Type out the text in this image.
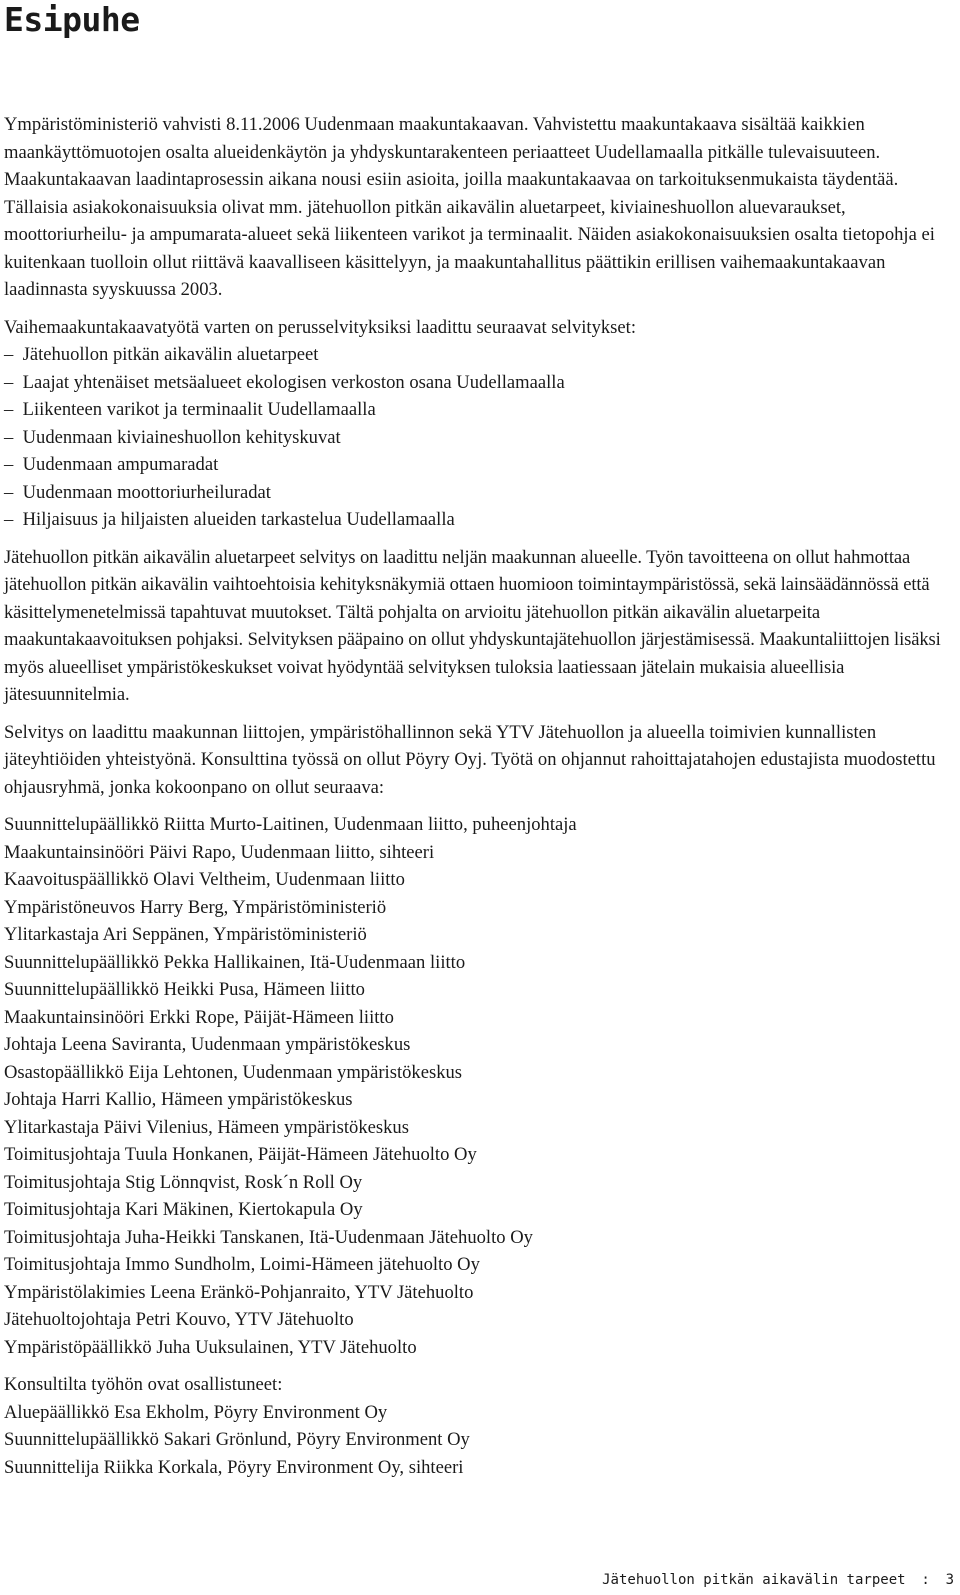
Esipuhe

Ympäristöministeriö vahvisti 8.11.2006 Uudenmaan maakuntakaavan. Vahvistettu maakuntakaava sisältää kaikkien maankäyttömuotojen osalta alueidenkäytön ja yhdyskuntarakenteen periaatteet Uudellamaalla pitkälle tulevaisuuteen. Maakuntakaavan laadintaprosessin aikana nousi esiin asioita, joilla maakuntakaavaa on tarkoituksenmukaista täydentää. Tällaisia asiakokonaisuuksia olivat mm. jätehuollon pitkän aikavälin aluetarpeet, kiviaineshuollon aluevaraukset, moottoriurheilu- ja ampumarata-alueet sekä liikenteen varikot ja terminaalit. Näiden asiakokonaisuuksien osalta tietopohja ei kuitenkaan tuolloin ollut riittävä kaavalliseen käsittelyyn, ja maakuntahallitus päättikin erillisen vaihemaakuntakaavan laadinnasta syyskuussa 2003.

Vaihemaakuntakaavatyötä varten on perusselvityksiksi laadittu seuraavat selvitykset:
–  Jätehuollon pitkän aikavälin aluetarpeet
–  Laajat yhtenäiset metsäalueet ekologisen verkoston osana Uudellamaalla
–  Liikenteen varikot ja terminaalit Uudellamaalla
–  Uudenmaan kiviaineshuollon kehityskuvat
–  Uudenmaan ampumaradat
–  Uudenmaan moottoriurheiluradat
–  Hiljaisuus ja hiljaisten alueiden tarkastelua Uudellamaalla

Jätehuollon pitkän aikavälin aluetarpeet selvitys on laadittu neljän maakunnan alueelle. Työn tavoitteena on ollut hahmottaa jätehuollon pitkän aikavälin vaihtoehtoisia kehityksnäkymiä ottaen huomioon toimintaympäristössä, sekä lainsäädännössä että käsittelymenetelmissä tapahtuvat muutokset. Tältä pohjalta on arvioitu jätehuollon pitkän aikavälin aluetarpeita maakuntakaavoituksen pohjaksi. Selvityksen pääpaino on ollut yhdyskuntajätehuollon järjestämisessä. Maakuntaliittojen lisäksi myös alueelliset ympäristökeskukset voivat hyödyntää selvityksen tuloksia laatiessaan jätelain mukaisia alueellisia jätesuunnitelmia.

Selvitys on laadittu maakunnan liittojen, ympäristöhallinnon sekä YTV Jätehuollon ja alueella toimivien kunnallisten jäteyhtiöiden yhteistyönä. Konsulttina työssä on ollut Pöyry Oyj. Työtä on ohjannut rahoittajatahojen edustajista muodostettu ohjausryhmä, jonka kokoonpano on ollut seuraava:

Suunnittelupäällikkö Riitta Murto-Laitinen, Uudenmaan liitto, puheenjohtaja
Maakuntainsinööri Päivi Rapo, Uudenmaan liitto, sihteeri
Kaavoituspäällikkö Olavi Veltheim, Uudenmaan liitto
Ympäristöneuvos Harry Berg, Ympäristöministeriö
Ylitarkastaja Ari Seppänen, Ympäristöministeriö
Suunnittelupäällikkö Pekka Hallikainen, Itä-Uudenmaan liitto
Suunnittelupäällikkö Heikki Pusa, Hämeen liitto
Maakuntainsinööri Erkki Rope, Päijät-Hämeen liitto
Johtaja Leena Saviranta, Uudenmaan ympäristökeskus
Osastopäällikkö Eija Lehtonen, Uudenmaan ympäristökeskus
Johtaja Harri Kallio, Hämeen ympäristökeskus
Ylitarkastaja Päivi Vilenius, Hämeen ympäristökeskus
Toimitusjohtaja Tuula Honkanen, Päijät-Hämeen Jätehuolto Oy
Toimitusjohtaja Stig Lönnqvist, Rosk´n Roll Oy
Toimitusjohtaja Kari Mäkinen, Kiertokapula Oy
Toimitusjohtaja Juha-Heikki Tanskanen, Itä-Uudenmaan Jätehuolto Oy
Toimitusjohtaja Immo Sundholm, Loimi-Hämeen jätehuolto Oy
Ympäristölakimies Leena Eränkö-Pohjanraito, YTV Jätehuolto
Jätehuoltojohtaja Petri Kouvo, YTV Jätehuolto
Ympäristöpäällikkö Juha Uuksulainen, YTV Jätehuolto
Konsultilta työhön ovat osallistuneet:
Aluepäällikkö Esa Ekholm, Pöyry Environment Oy
Suunnittelupäällikkö Sakari Grönlund, Pöyry Environment Oy
Suunnittelija Riikka Korkala, Pöyry Environment Oy, sihteeri
Jätehuollon pitkän aikavälin tarpeet : 3
